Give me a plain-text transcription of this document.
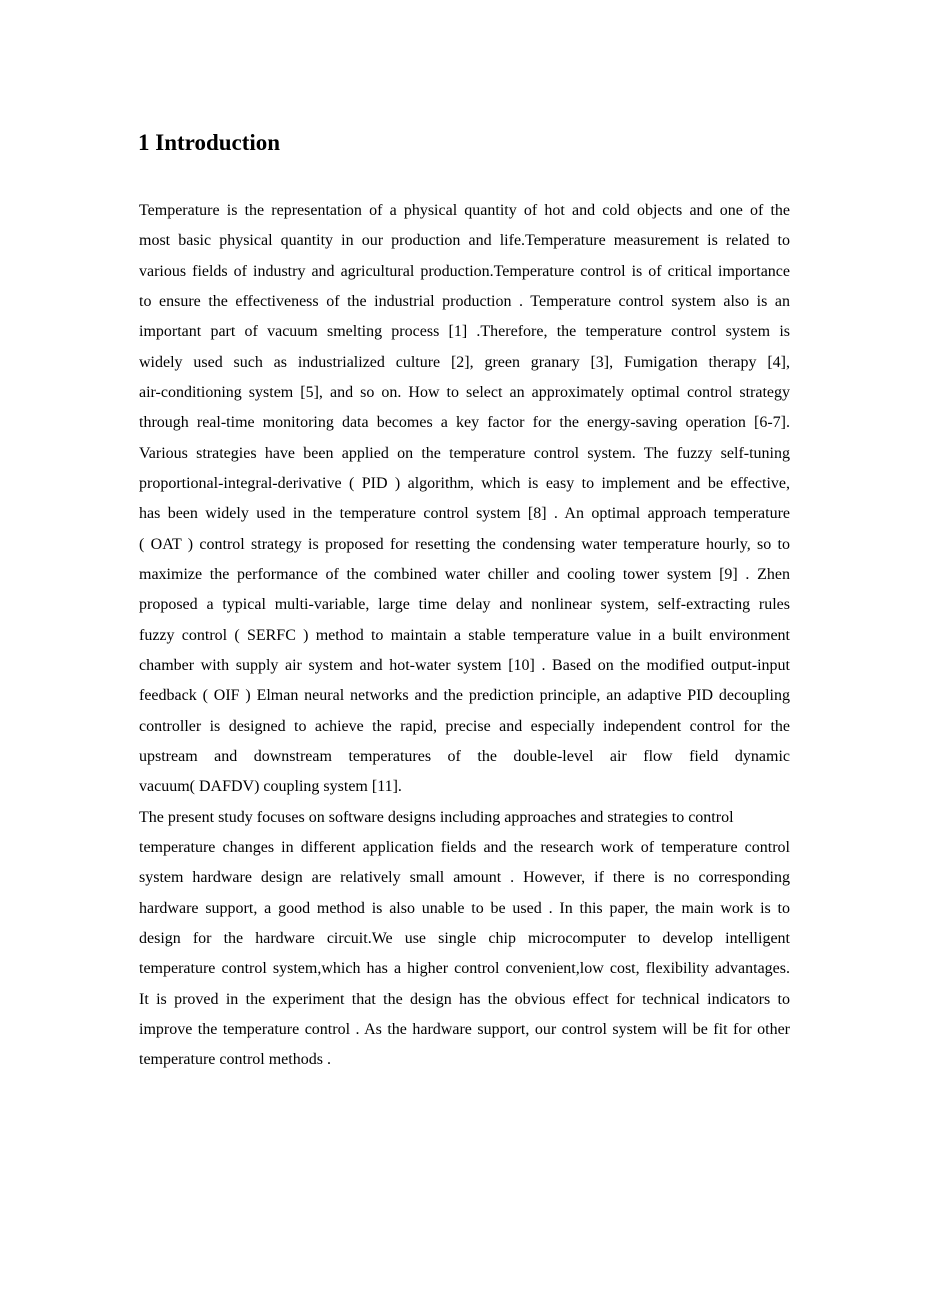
1 Introduction
Temperature is the representation of a physical quantity of hot and cold objects and one of the
most basic physical quantity in our production and life.Temperature measurement is related to
various fields of industry and agricultural production.Temperature control is of critical importance
to ensure the effectiveness of the industrial production . Temperature control system also is an
important part of vacuum smelting process [1] .Therefore, the temperature control system is
widely used such as industrialized culture [2], green granary [3], Fumigation therapy [4],
air-conditioning system [5], and so on. How to select an approximately optimal control strategy
through real-time monitoring data becomes a key factor for the energy-saving operation [6-7].
Various strategies have been applied on the temperature control system. The fuzzy self-tuning
proportional-integral-derivative ( PID ) algorithm, which is easy to implement and be effective,
has been widely used in the temperature control system [8] . An optimal approach temperature
( OAT ) control strategy is proposed for resetting the condensing water temperature hourly, so to
maximize the performance of the combined water chiller and cooling tower system [9] . Zhen
proposed a typical multi-variable, large time delay and nonlinear system, self-extracting rules
fuzzy control ( SERFC ) method to maintain a stable temperature value in a built environment
chamber with supply air system and hot-water system [10] . Based on the modified output-input
feedback ( OIF ) Elman neural networks and the prediction principle, an adaptive PID decoupling
controller is designed to achieve the rapid, precise and especially independent control for the
upstream and downstream temperatures of the double-level air flow field dynamic
vacuum( DAFDV) coupling system [11].
The present study focuses on software designs including approaches and strategies to control
temperature changes in different application fields and the research work of temperature control
system hardware design are relatively small amount . However, if there is no corresponding
hardware support, a good method is also unable to be used . In this paper, the main work is to
design for the hardware circuit.We use single chip microcomputer to develop intelligent
temperature control system,which has a higher control convenient,low cost, flexibility advantages.
It is proved in the experiment that the design has the obvious effect for technical indicators to
improve the temperature control . As the hardware support, our control system will be fit for other
temperature control methods .
